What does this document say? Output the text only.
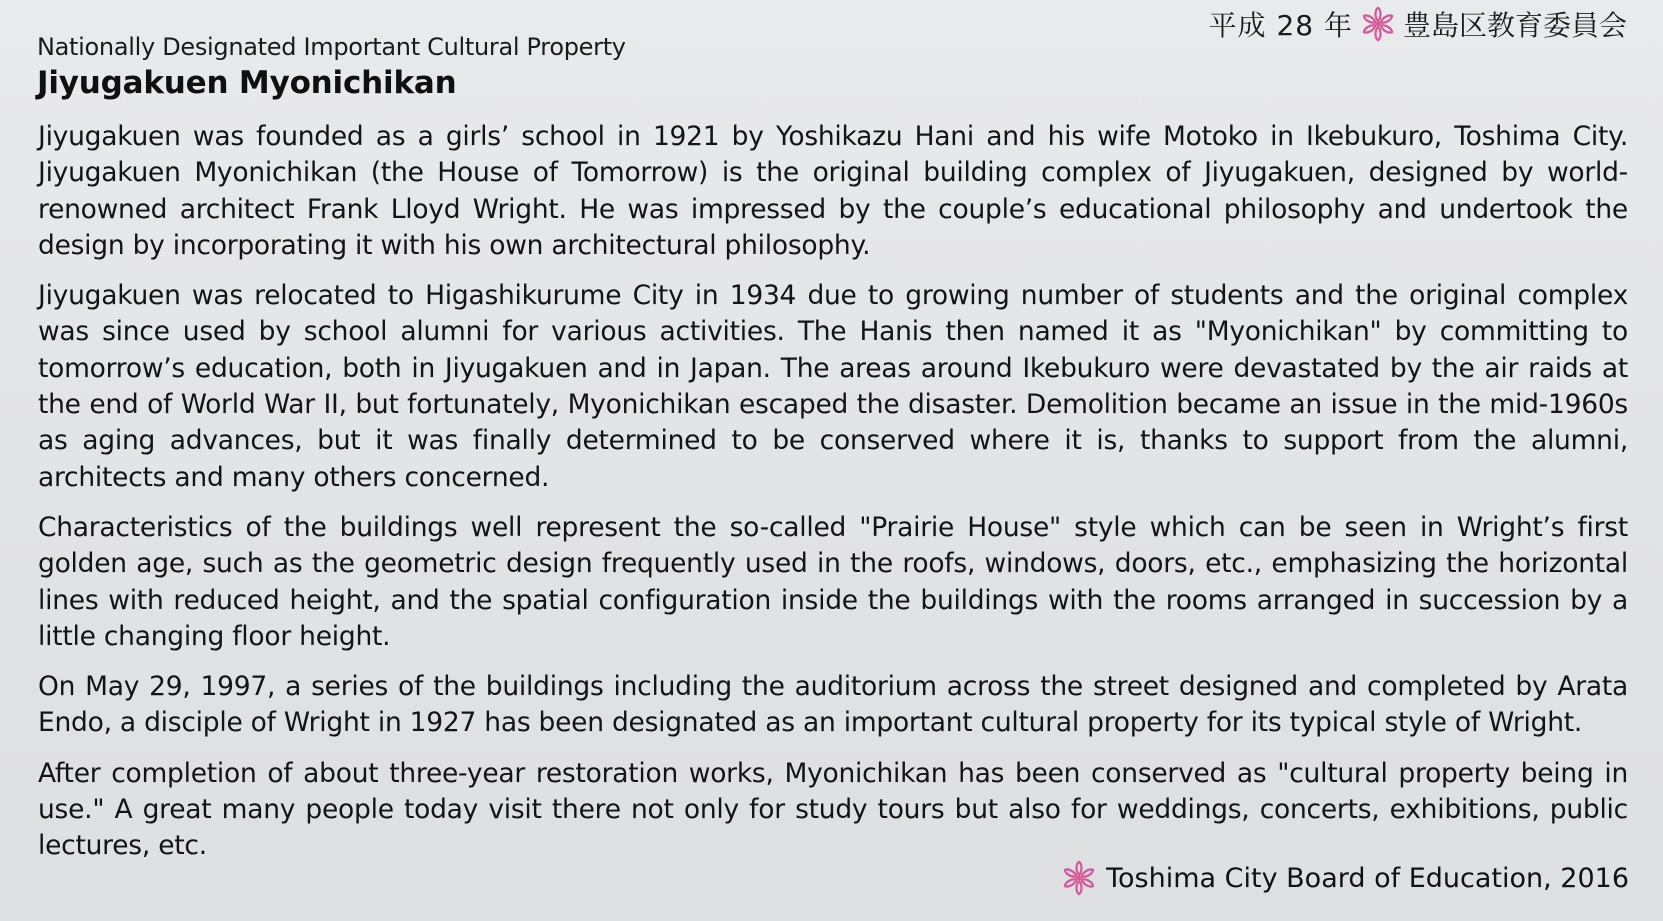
平成 28 年 豊島区教育委員会
Nationally Designated Important Cultural Property
Jiyugakuen Myonichikan

Jiyugakuen was founded as a girls’ school in 1921 by Yoshikazu Hani and his wife Motoko in Ikebukuro, Toshima City. Jiyugakuen Myonichikan (the House of Tomorrow) is the original building complex of Jiyugakuen, designed by world-renowned architect Frank Lloyd Wright. He was impressed by the couple’s educational philosophy and undertook the design by incorporating it with his own architectural philosophy.

Jiyugakuen was relocated to Higashikurume City in 1934 due to growing number of students and the original complex was since used by school alumni for various activities. The Hanis then named it as "Myonichikan" by committing to tomorrow’s education, both in Jiyugakuen and in Japan. The areas around Ikebukuro were devastated by the air raids at the end of World War II, but fortunately, Myonichikan escaped the disaster. Demolition became an issue in the mid-1960s as aging advances, but it was finally determined to be conserved where it is, thanks to support from the alumni, architects and many others concerned.

Characteristics of the buildings well represent the so-called "Prairie House" style which can be seen in Wright’s first golden age, such as the geometric design frequently used in the roofs, windows, doors, etc., emphasizing the horizontal lines with reduced height, and the spatial configuration inside the buildings with the rooms arranged in succession by a little changing floor height.

On May 29, 1997, a series of the buildings including the auditorium across the street designed and completed by Arata Endo, a disciple of Wright in 1927 has been designated as an important cultural property for its typical style of Wright.

After completion of about three-year restoration works, Myonichikan has been conserved as "cultural property being in use." A great many people today visit there not only for study tours but also for weddings, concerts, exhibitions, public lectures, etc.

Toshima City Board of Education, 2016
